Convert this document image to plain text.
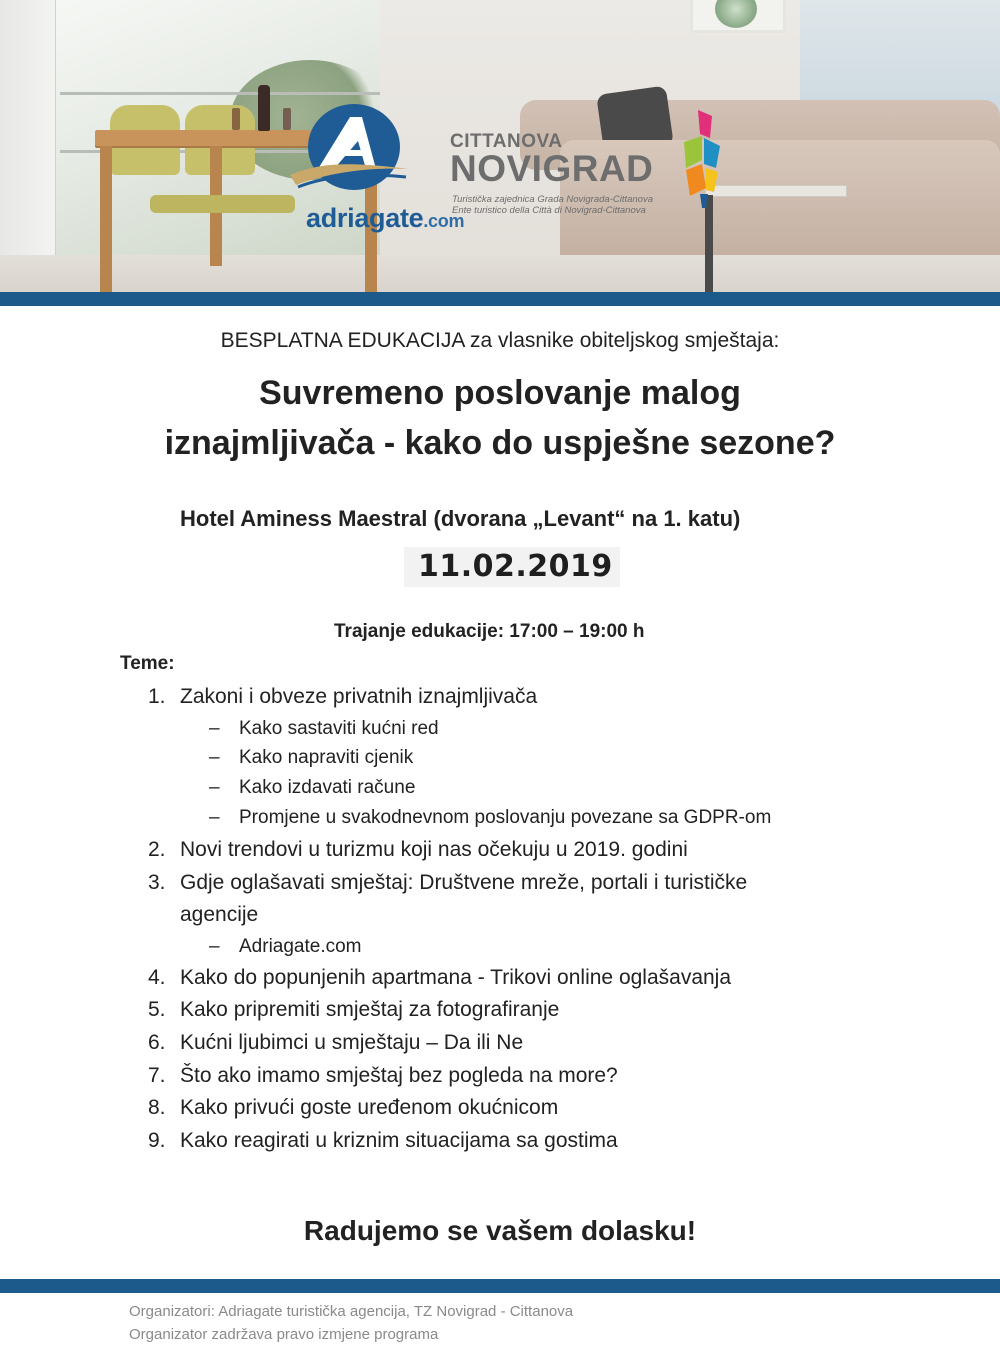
adriagate.com
CITTANOVA
NOVIGRAD
Turistička zajednica Grada Novigrada-Cittanova
Ente turistico della Città di Novigrad-Cittanova
BESPLATNA EDUKACIJA za vlasnike obiteljskog smještaja:
Suvremeno poslovanje malog
iznajmljivača - kako do uspješne sezone?
Hotel Aminess Maestral (dvorana „Levant“ na 1. katu)
11.02.2019
Trajanje edukacije: 17:00 – 19:00 h
Teme:
1. Zakoni i obveze privatnih iznajmljivača
– Kako sastaviti kućni red
– Kako napraviti cjenik
– Kako izdavati račune
– Promjene u svakodnevnom poslovanju povezane sa GDPR-om
2. Novi trendovi u turizmu koji nas očekuju u 2019. godini
3. Gdje oglašavati smještaj: Društvene mreže, portali i turističke
agencije
– Adriagate.com
4. Kako do popunjenih apartmana - Trikovi online oglašavanja
5. Kako pripremiti smještaj za fotografiranje
6. Kućni ljubimci u smještaju – Da ili Ne
7. Što ako imamo smještaj bez pogleda na more?
8. Kako privući goste uređenom okućnicom
9. Kako reagirati u kriznim situacijama sa gostima
Radujemo se vašem dolasku!
Organizatori: Adriagate turistička agencija, TZ Novigrad - Cittanova
Organizator zadržava pravo izmjene programa
